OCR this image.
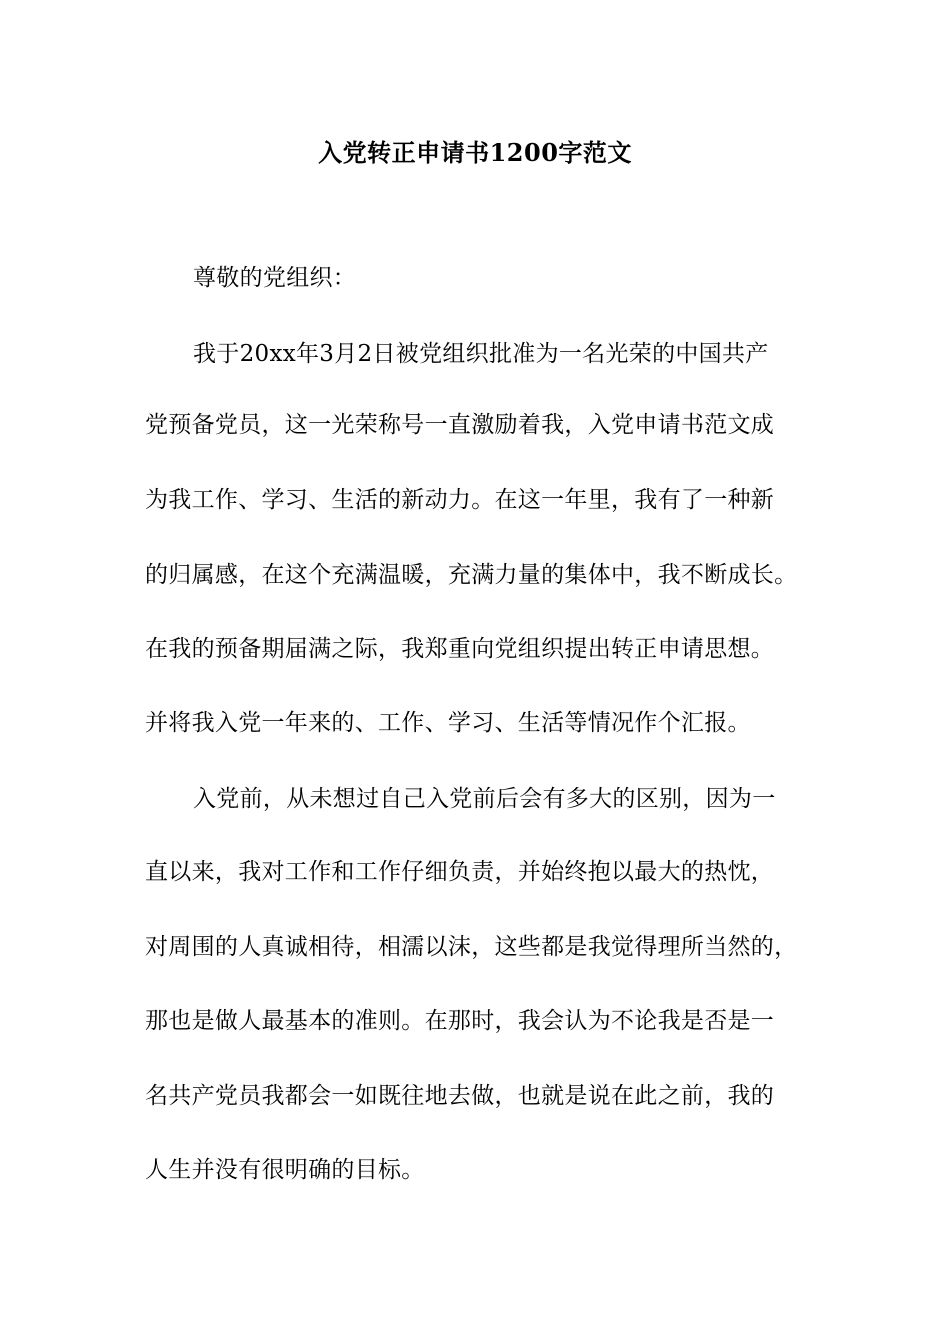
入党转正申请书1200字范文
尊敬的党组织：
我于20xx年3月2日被党组织批准为一名光荣的中国共产
党预备党员，这一光荣称号一直激励着我，入党申请书范文成
为我工作、学习、生活的新动力。在这一年里，我有了一种新
的归属感，在这个充满温暖，充满力量的集体中，我不断成长。
在我的预备期届满之际，我郑重向党组织提出转正申请思想。
并将我入党一年来的、工作、学习、生活等情况作个汇报。
入党前，从未想过自己入党前后会有多大的区别，因为一
直以来，我对工作和工作仔细负责，并始终抱以最大的热忱，
对周围的人真诚相待，相濡以沫，这些都是我觉得理所当然的，
那也是做人最基本的准则。在那时，我会认为不论我是否是一
名共产党员我都会一如既往地去做，也就是说在此之前，我的
人生并没有很明确的目标。
